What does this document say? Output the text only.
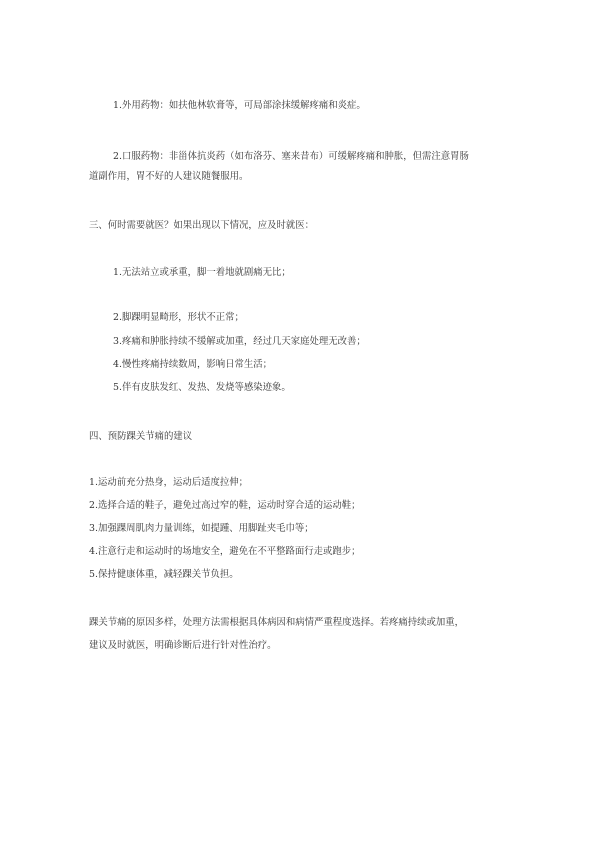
1.外用药物：如扶他林软膏等，可局部涂抹缓解疼痛和炎症。

2.口服药物：非甾体抗炎药（如布洛芬、塞来昔布）可缓解疼痛和肿胀，但需注意胃肠

道副作用，胃不好的人建议随餐服用。

三、何时需要就医？如果出现以下情况，应及时就医：

1.无法站立或承重，脚一着地就剧痛无比；

2.脚踝明显畸形，形状不正常；

3.疼痛和肿胀持续不缓解或加重，经过几天家庭处理无改善；

4.慢性疼痛持续数周，影响日常生活；

5.伴有皮肤发红、发热、发烧等感染迹象。

四、预防踝关节痛的建议

1.运动前充分热身，运动后适度拉伸；

2.选择合适的鞋子，避免过高过窄的鞋，运动时穿合适的运动鞋；

3.加强踝周肌肉力量训练，如提踵、用脚趾夹毛巾等；

4.注意行走和运动时的场地安全，避免在不平整路面行走或跑步；

5.保持健康体重，减轻踝关节负担。

踝关节痛的原因多样，处理方法需根据具体病因和病情严重程度选择。若疼痛持续或加重，

建议及时就医，明确诊断后进行针对性治疗。
